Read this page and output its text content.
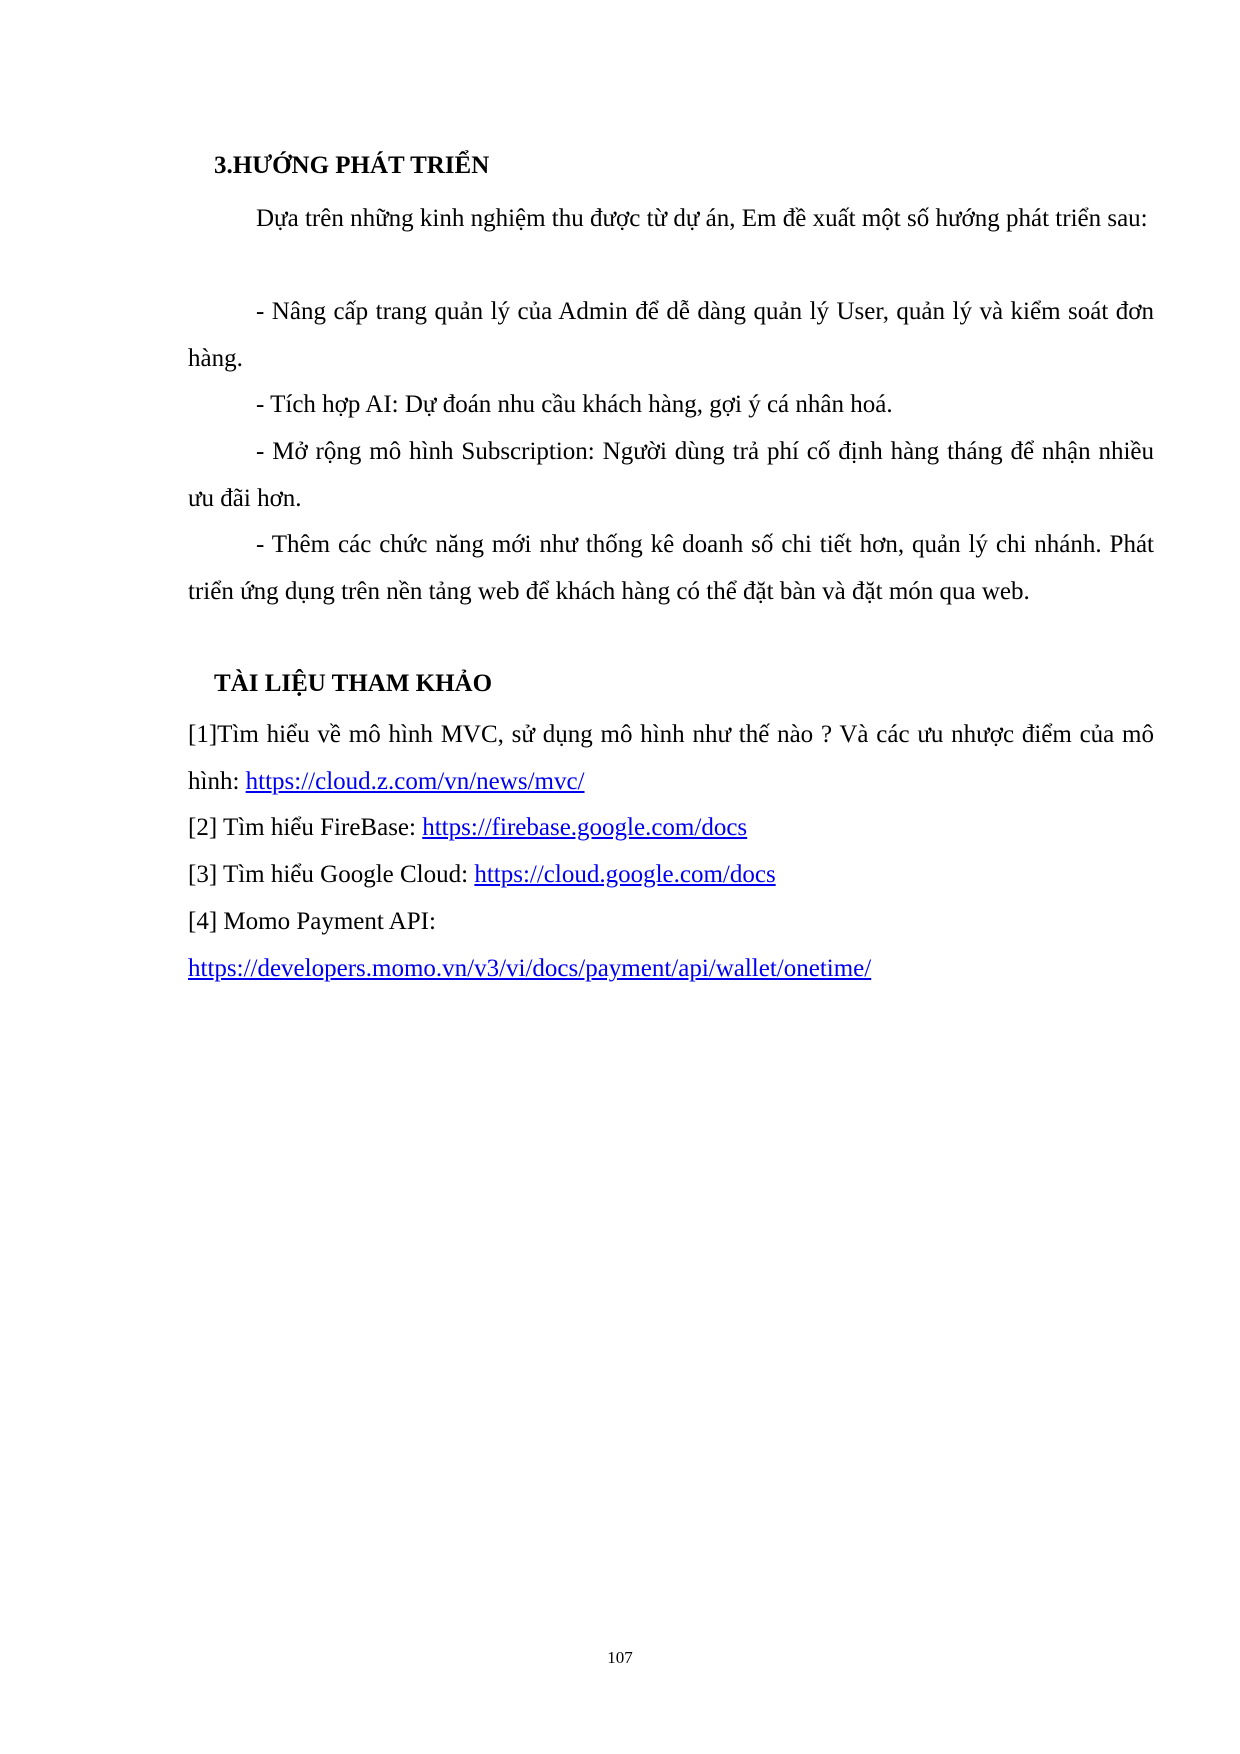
3.HƯỚNG PHÁT TRIỂN

Dựa trên những kinh nghiệm thu được từ dự án, Em đề xuất một số hướng phát triển sau:

- Nâng cấp trang quản lý của Admin để dễ dàng quản lý User, quản lý và kiểm soát đơn hàng.

- Tích hợp AI: Dự đoán nhu cầu khách hàng, gợi ý cá nhân hoá.

- Mở rộng mô hình Subscription: Người dùng trả phí cố định hàng tháng để nhận nhiều ưu đãi hơn.

- Thêm các chức năng mới như thống kê doanh số chi tiết hơn, quản lý chi nhánh. Phát triển ứng dụng trên nền tảng web để khách hàng có thể đặt bàn và đặt món qua web.

TÀI LIỆU THAM KHẢO

[1]Tìm hiểu về mô hình MVC, sử dụng mô hình như thế nào ? Và các ưu nhược điểm của mô hình: https://cloud.z.com/vn/news/mvc/

[2] Tìm hiểu FireBase: https://firebase.google.com/docs

[3] Tìm hiểu Google Cloud: https://cloud.google.com/docs

[4] Momo Payment API:

https://developers.momo.vn/v3/vi/docs/payment/api/wallet/onetime/

107
